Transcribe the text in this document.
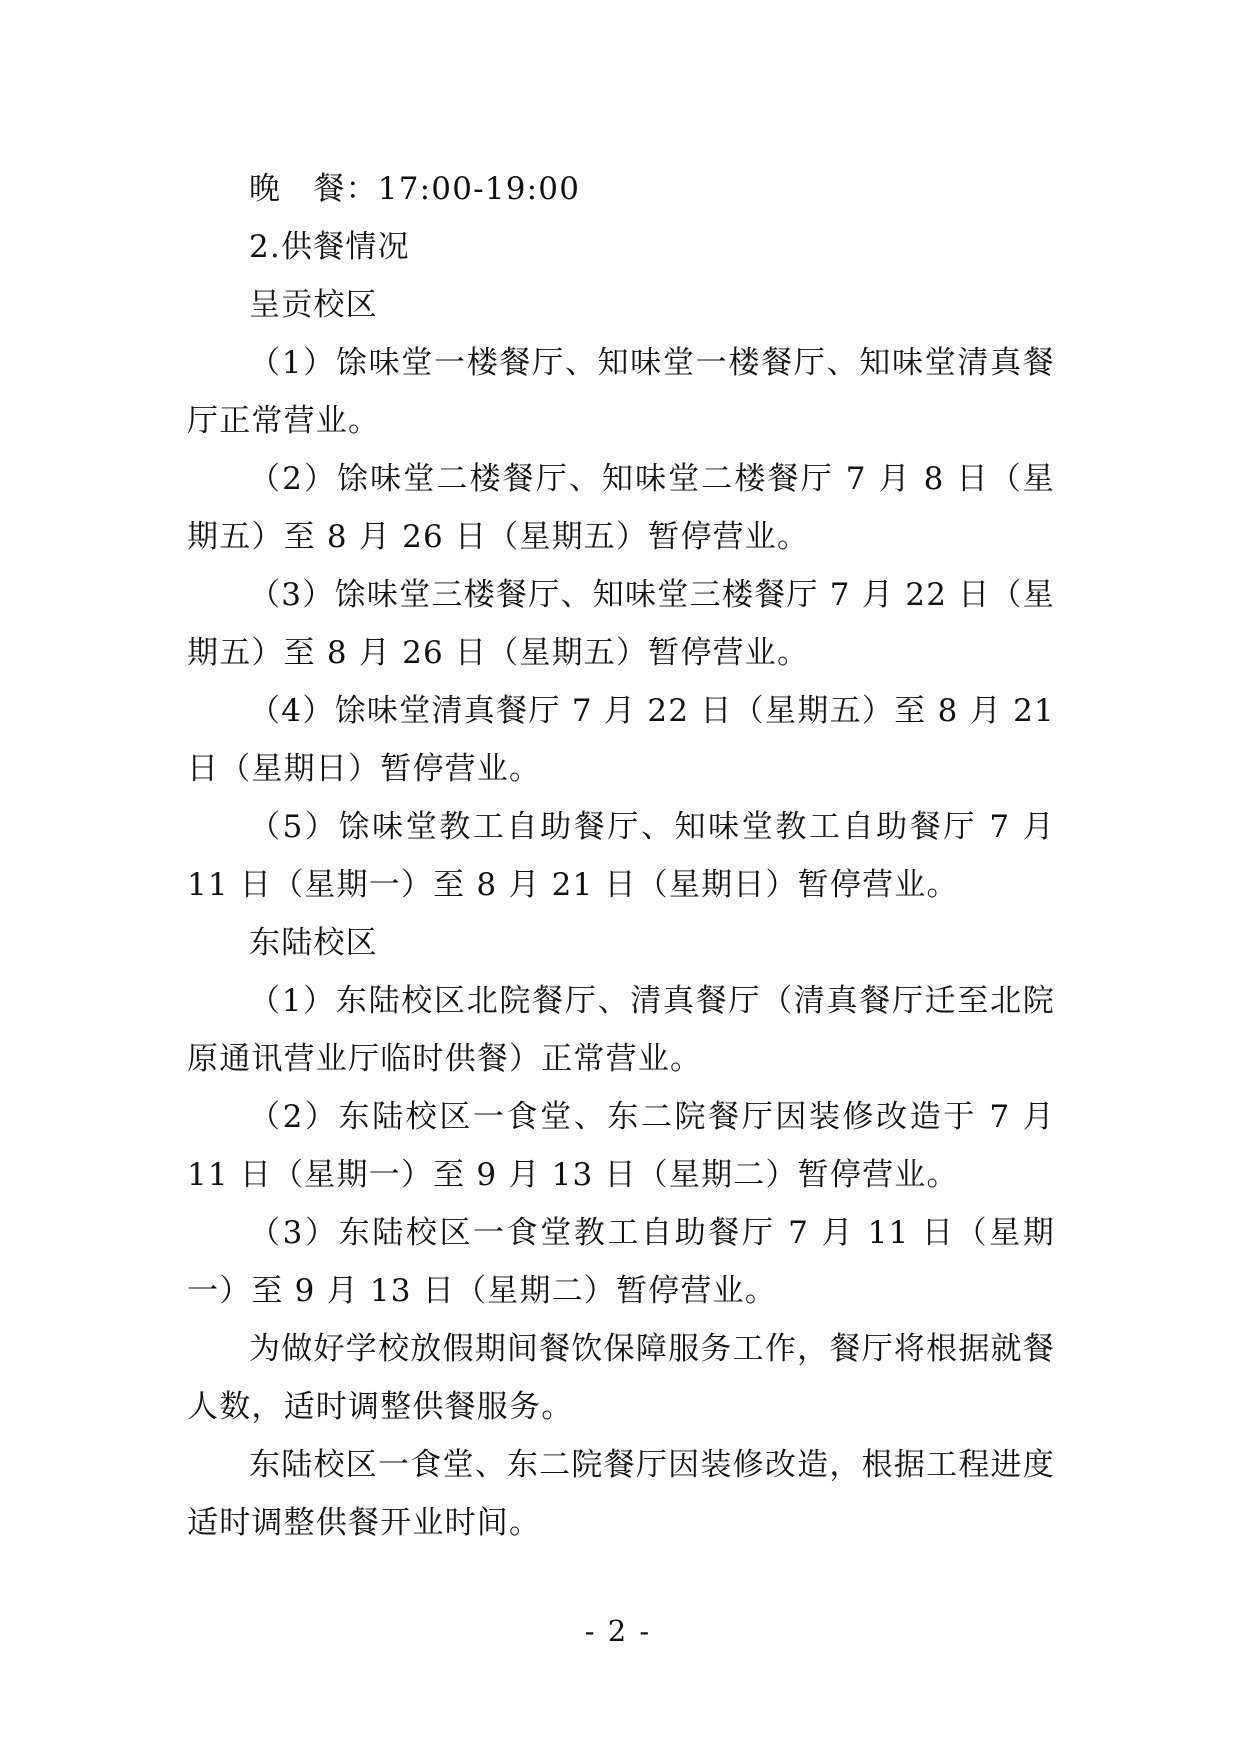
晚　餐：17:00-19:00

2.供餐情况

呈贡校区

（1）馀味堂一楼餐厅、知味堂一楼餐厅、知味堂清真餐厅正常营业。

（2）馀味堂二楼餐厅、知味堂二楼餐厅 7 月 8 日（星期五）至 8 月 26 日（星期五）暂停营业。

（3）馀味堂三楼餐厅、知味堂三楼餐厅 7 月 22 日（星期五）至 8 月 26 日（星期五）暂停营业。

（4）馀味堂清真餐厅 7 月 22 日（星期五）至 8 月 21 日（星期日）暂停营业。

（5）馀味堂教工自助餐厅、知味堂教工自助餐厅 7 月 11 日（星期一）至 8 月 21 日（星期日）暂停营业。

东陆校区

（1）东陆校区北院餐厅、清真餐厅（清真餐厅迁至北院原通讯营业厅临时供餐）正常营业。

（2）东陆校区一食堂、东二院餐厅因装修改造于 7 月 11 日（星期一）至 9 月 13 日（星期二）暂停营业。

（3）东陆校区一食堂教工自助餐厅 7 月 11 日（星期一）至 9 月 13 日（星期二）暂停营业。

为做好学校放假期间餐饮保障服务工作，餐厅将根据就餐人数，适时调整供餐服务。

东陆校区一食堂、东二院餐厅因装修改造，根据工程进度适时调整供餐开业时间。

- 2 -
